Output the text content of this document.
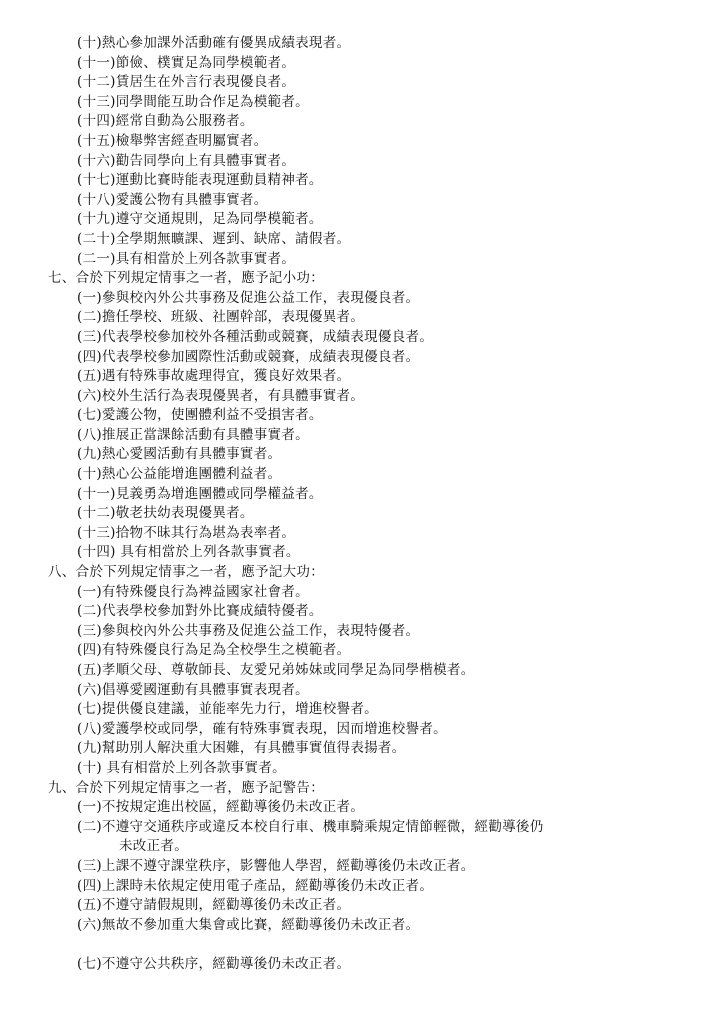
(十)熱心參加課外活動確有優異成績表現者。
(十一)節儉、樸實足為同學模範者。
(十二)賃居生在外言行表現優良者。
(十三)同學間能互助合作足為模範者。
(十四)經常自動為公服務者。
(十五)檢舉弊害經查明屬實者。
(十六)勸告同學向上有具體事實者。
(十七)運動比賽時能表現運動員精神者。
(十八)愛護公物有具體事實者。
(十九)遵守交通規則，足為同學模範者。
(二十)全學期無曠課、遲到、缺席、請假者。
(二一)具有相當於上列各款事實者。
七、合於下列規定情事之一者，應予記小功：
(一)參與校內外公共事務及促進公益工作，表現優良者。
(二)擔任學校、班級、社團幹部，表現優異者。
(三)代表學校參加校外各種活動或競賽，成績表現優良者。
(四)代表學校參加國際性活動或競賽，成績表現優良者。
(五)遇有特殊事故處理得宜，獲良好效果者。
(六)校外生活行為表現優異者，有具體事實者。
(七)愛護公物，使團體利益不受損害者。
(八)推展正當課餘活動有具體事實者。
(九)熱心愛國活動有具體事實者。
(十)熱心公益能增進團體利益者。
(十一)見義勇為增進團體或同學權益者。
(十二)敬老扶幼表現優異者。
(十三)拾物不昧其行為堪為表率者。
(十四) 具有相當於上列各款事實者。
八、合於下列規定情事之一者，應予記大功：
(一)有特殊優良行為裨益國家社會者。
(二)代表學校參加對外比賽成績特優者。
(三)參與校內外公共事務及促進公益工作，表現特優者。
(四)有特殊優良行為足為全校學生之模範者。
(五)孝順父母、尊敬師長、友愛兄弟姊妹或同學足為同學楷模者。
(六)倡導愛國運動有具體事實表現者。
(七)提供優良建議，並能率先力行，增進校譽者。
(八)愛護學校或同學，確有特殊事實表現，因而增進校譽者。
(九)幫助別人解決重大困難，有具體事實值得表揚者。
(十) 具有相當於上列各款事實者。
九、合於下列規定情事之一者，應予記警告：
(一)不按規定進出校區，經勸導後仍未改正者。
(二)不遵守交通秩序或違反本校自行車、機車騎乘規定情節輕微，經勸導後仍
未改正者。
(三)上課不遵守課堂秩序，影響他人學習，經勸導後仍未改正者。
(四)上課時未依規定使用電子產品，經勸導後仍未改正者。
(五)不遵守請假規則，經勸導後仍未改正者。
(六)無故不參加重大集會或比賽，經勸導後仍未改正者。
(七)不遵守公共秩序，經勸導後仍未改正者。
